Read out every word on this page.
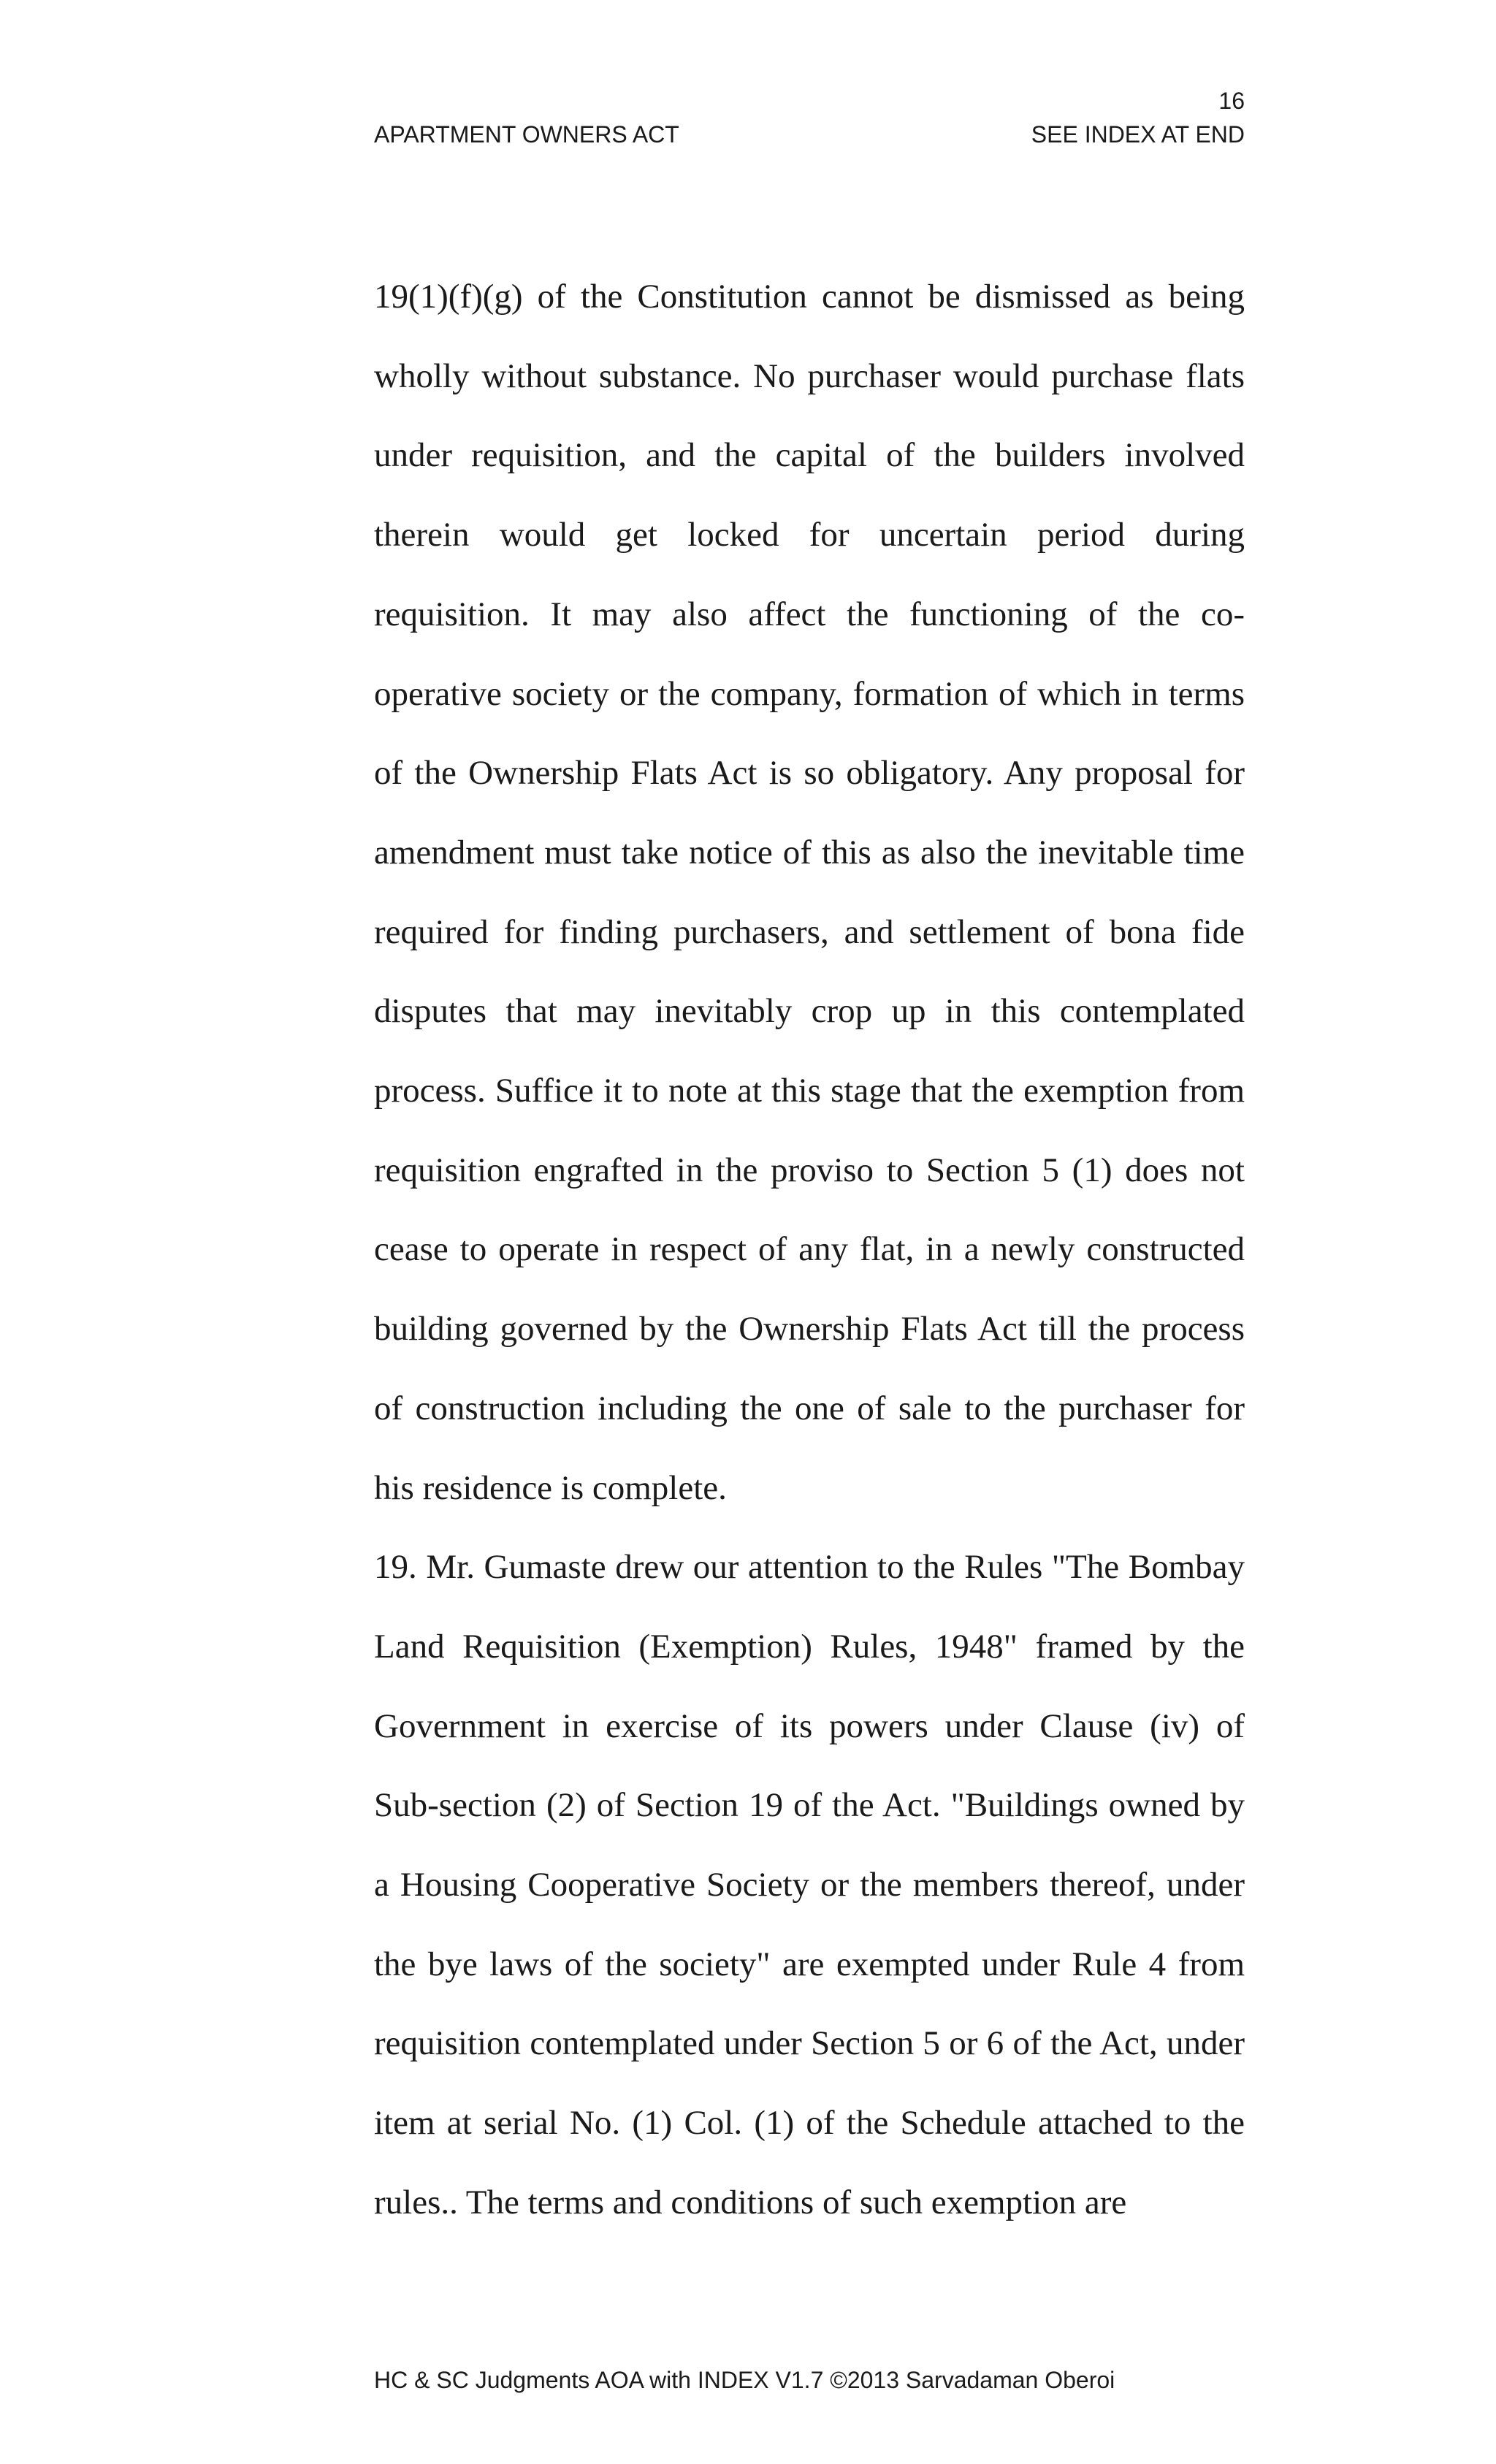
16

APARTMENT OWNERS ACT	SEE INDEX AT END

19(1)(f)(g) of the Constitution cannot be dismissed as being wholly without substance. No purchaser would purchase flats under requisition, and the capital of the builders involved therein would get locked for uncertain period during requisition. It may also affect the functioning of the co-operative society or the company, formation of which in terms of the Ownership Flats Act is so obligatory. Any proposal for amendment must take notice of this as also the inevitable time required for finding purchasers, and settlement of bona fide disputes that may inevitably crop up in this contemplated process. Suffice it to note at this stage that the exemption from requisition engrafted in the proviso to Section 5 (1) does not cease to operate in respect of any flat, in a newly constructed building governed by the Ownership Flats Act till the process of construction including the one of sale to the purchaser for his residence is complete.

19. Mr. Gumaste drew our attention to the Rules "The Bombay Land Requisition (Exemption) Rules, 1948" framed by the Government in exercise of its powers under Clause (iv) of Sub-section (2) of Section 19 of the Act. "Buildings owned by a Housing Cooperative Society or the members thereof, under the bye laws of the society" are exempted under Rule 4 from requisition contemplated under Section 5 or 6 of the Act, under item at serial No. (1) Col. (1) of the Schedule attached to the rules.. The terms and conditions of such exemption are

HC & SC Judgments AOA with INDEX V1.7 ©2013 Sarvadaman Oberoi
